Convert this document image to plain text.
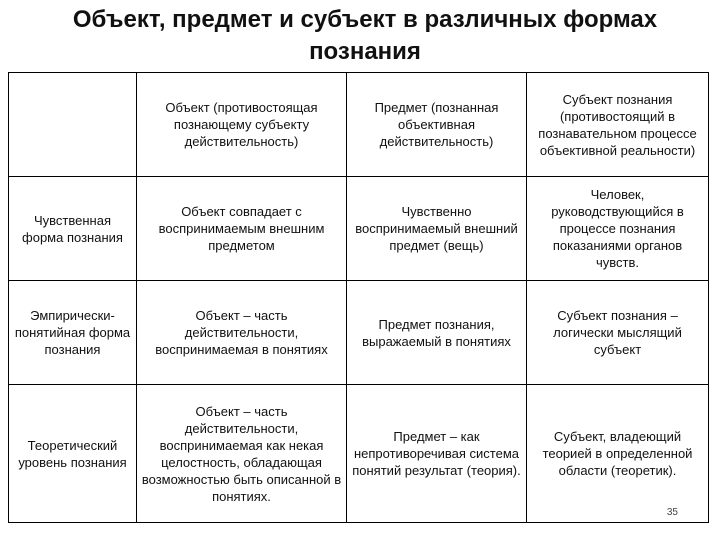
Объект, предмет и субъект в различных формах познания
	Объект (противостоящая познающему субъекту действительность)	Предмет (познанная объективная действительность)	Субъект познания (противостоящий в познавательном процессе объективной реальности)
Чувственная форма познания	Объект совпадает с воспринимаемым внешним предметом	Чувственно воспринимаемый внешний предмет (вещь)	Человек, руководствующийся в процессе познания показаниями органов чувств.
Эмпирически-понятийная форма познания	Объект – часть действительности, воспринимаемая в понятиях	Предмет познания, выражаемый в понятиях	Субъект познания – логически мыслящий субъект
Теоретический уровень познания	Объект – часть действительности, воспринимаемая как некая целостность, обладающая возможностью быть описанной в понятиях.	Предмет – как непротиворечивая система понятий результат (теория).	Субъект, владеющий теорией в определенной области (теоретик).
35
